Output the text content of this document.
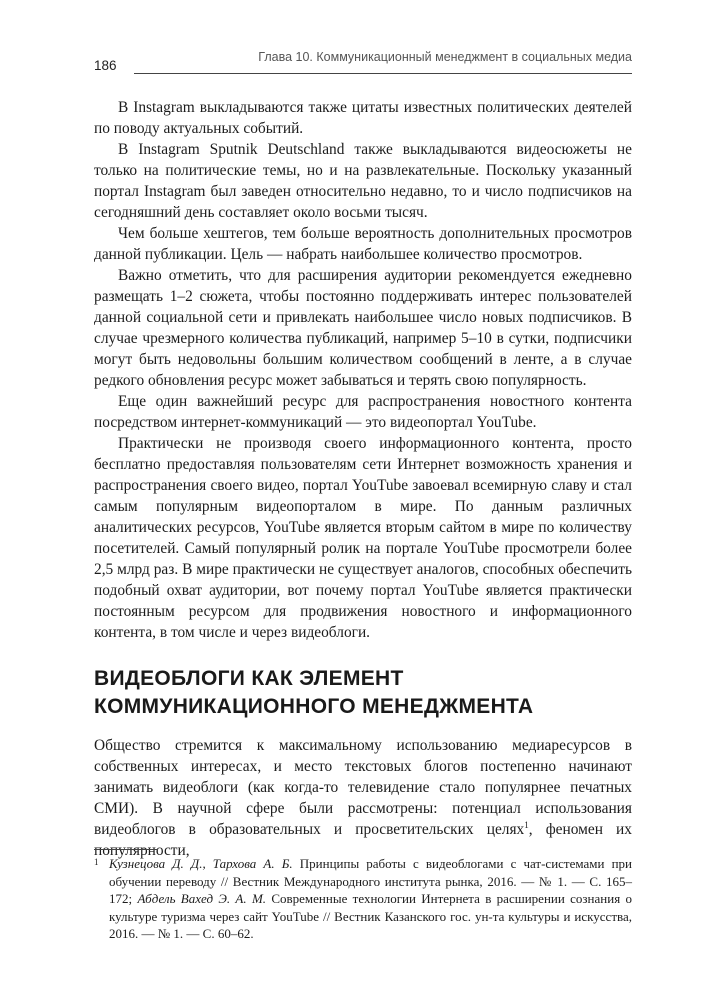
186
Глава 10. Коммуникационный менеджмент в социальных медиа

В Instagram выкладываются также цитаты известных политических деятелей по поводу актуальных событий.

В Instagram Sputnik Deutschland также выкладываются видеосюжеты не только на политические темы, но и на развлекательные. Поскольку указанный портал Instagram был заведен относительно недавно, то и число подписчиков на сегодняшний день составляет около восьми тысяч.

Чем больше хештегов, тем больше вероятность дополнительных просмотров данной публикации. Цель — набрать наибольшее количество просмотров.

Важно отметить, что для расширения аудитории рекомендуется ежедневно размещать 1–2 сюжета, чтобы постоянно поддерживать интерес пользователей данной социальной сети и привлекать наибольшее число новых подписчиков. В случае чрезмерного количества публикаций, например 5–10 в сутки, подписчики могут быть недовольны большим количеством сообщений в ленте, а в случае редкого обновления ресурс может забываться и терять свою популярность.

Еще один важнейший ресурс для распространения новостного контента посредством интернет-коммуникаций — это видеопортал YouTube.

Практически не производя своего информационного контента, просто бесплатно предоставляя пользователям сети Интернет возможность хранения и распространения своего видео, портал YouTube завоевал всемирную славу и стал самым популярным видеопорталом в мире. По данным различных аналитических ресурсов, YouTube является вторым сайтом в мире по количеству посетителей. Самый популярный ролик на портале YouTube просмотрели более 2,5 млрд раз. В мире практически не существует аналогов, способных обеспечить подобный охват аудитории, вот почему портал YouTube является практически постоянным ресурсом для продвижения новостного и информационного контента, в том числе и через видеоблоги.

ВИДЕОБЛОГИ КАК ЭЛЕМЕНТ КОММУНИКАЦИОННОГО МЕНЕДЖМЕНТА

Общество стремится к максимальному использованию медиаресурсов в собственных интересах, и место текстовых блогов постепенно начинают занимать видеоблоги (как когда-то телевидение стало популярнее печатных СМИ). В научной сфере были рассмотрены: потенциал использования видеоблогов в образовательных и просветительских целях$^1$, феномен их популярности,

1 Кузнецова Д. Д., Тархова А. Б. Принципы работы с видеоблогами с чат-системами при обучении переводу // Вестник Международного института рынка, 2016. — № 1. — С. 165–172; Абдель Вахед Э. А. М. Современные технологии Интернета в расширении сознания о культуре туризма через сайт YouTube // Вестник Казанского гос. ун-та культуры и искусства, 2016. — № 1. — С. 60–62.
